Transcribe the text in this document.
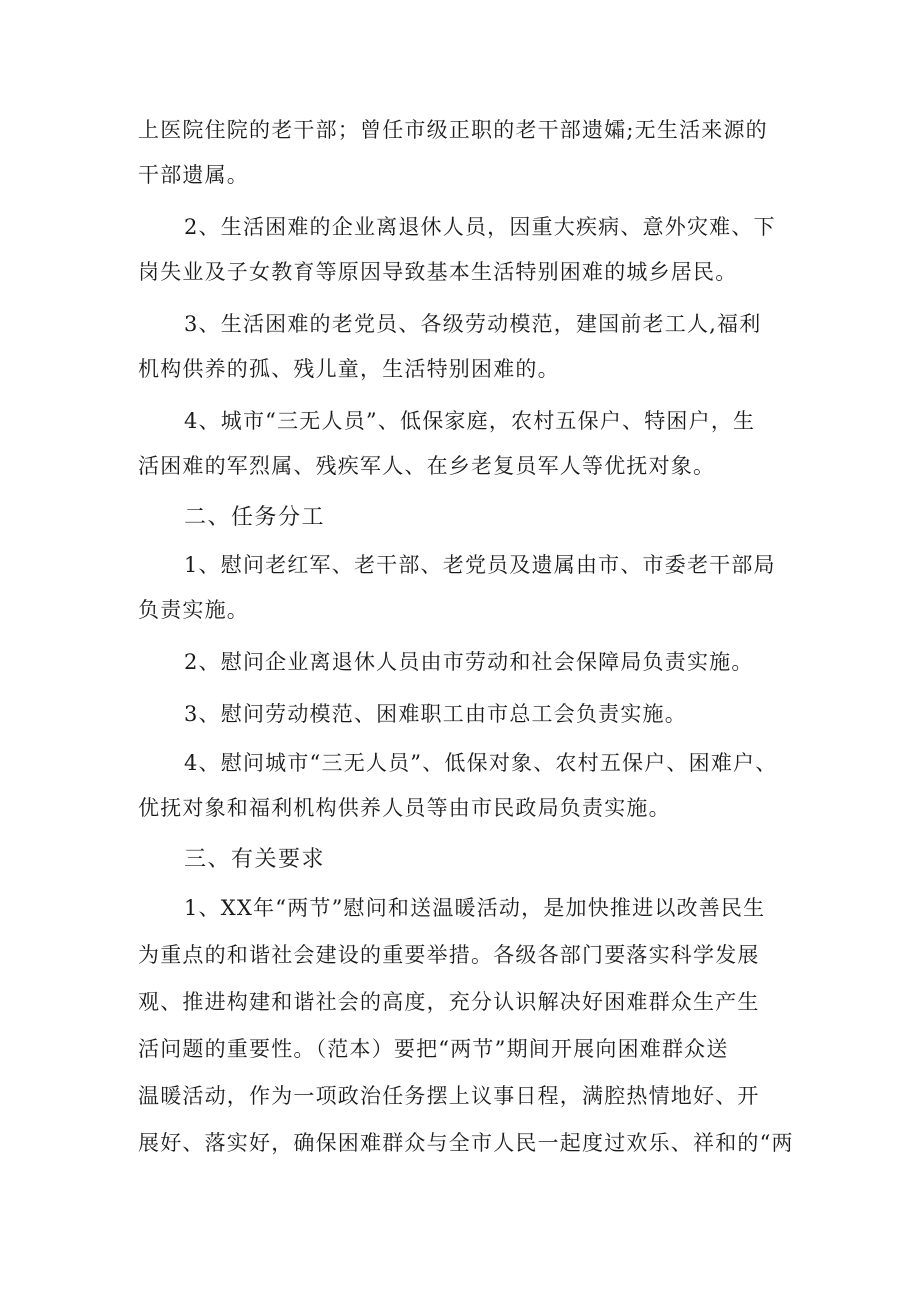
上医院住院的老干部；曾任市级正职的老干部遗孀;无生活来源的
干部遗属。
2、生活困难的企业离退休人员，因重大疾病、意外灾难、下
岗失业及子女教育等原因导致基本生活特别困难的城乡居民。
3、生活困难的老党员、各级劳动模范，建国前老工人,福利
机构供养的孤、残儿童，生活特别困难的。
4、城市“三无人员”、低保家庭，农村五保户、特困户，生
活困难的军烈属、残疾军人、在乡老复员军人等优抚对象。
二、任务分工
1、慰问老红军、老干部、老党员及遗属由市、市委老干部局
负责实施。
2、慰问企业离退休人员由市劳动和社会保障局负责实施。
3、慰问劳动模范、困难职工由市总工会负责实施。
4、慰问城市“三无人员”、低保对象、农村五保户、困难户、
优抚对象和福利机构供养人员等由市民政局负责实施。
三、有关要求
1、XX年“两节”慰问和送温暖活动，是加快推进以改善民生
为重点的和谐社会建设的重要举措。各级各部门要落实科学发展
观、推进构建和谐社会的高度，充分认识解决好困难群众生产生
活问题的重要性。（范本）要把“两节”期间开展向困难群众送
温暖活动，作为一项政治任务摆上议事日程，满腔热情地好、开
展好、落实好，确保困难群众与全市人民一起度过欢乐、祥和的“两
